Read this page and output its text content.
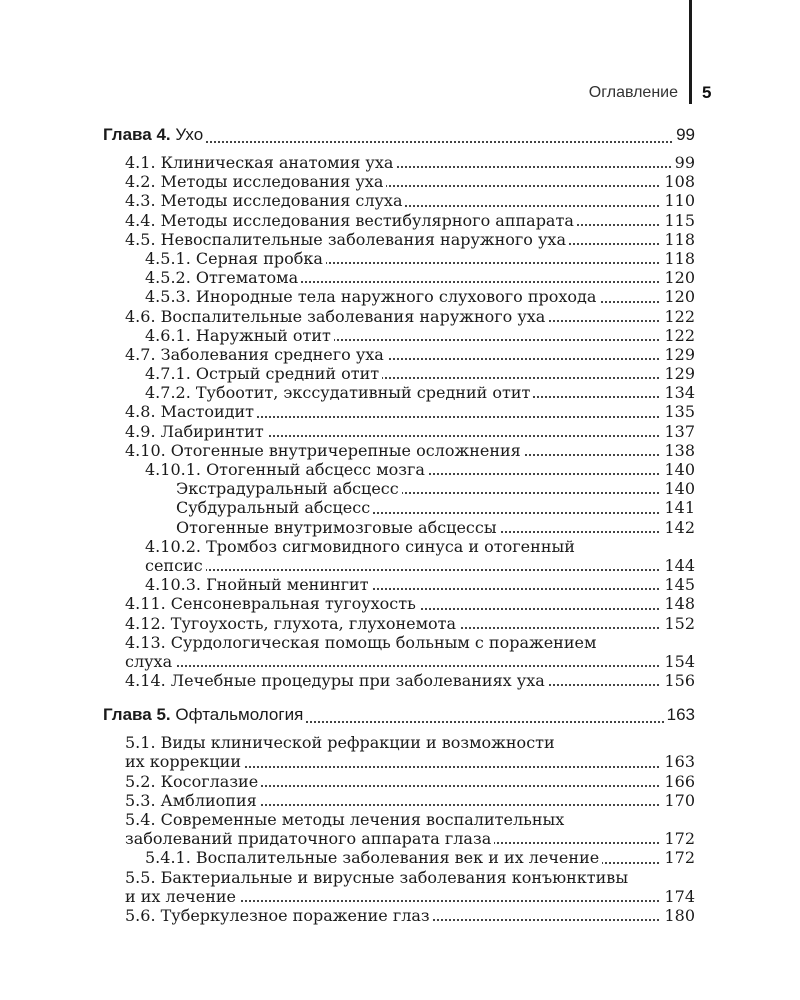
Оглавление 5
Глава 4. Ухо	99
4.1. Клиническая анатомия уха	99
4.2. Методы исследования уха	108
4.3. Методы исследования слуха	110
4.4. Методы исследования вестибулярного аппарата	115
4.5. Невоспалительные заболевания наружного уха	118
4.5.1. Серная пробка	118
4.5.2. Отгематома	120
4.5.3. Инородные тела наружного слухового прохода	120
4.6. Воспалительные заболевания наружного уха	122
4.6.1. Наружный отит	122
4.7. Заболевания среднего уха	129
4.7.1. Острый средний отит	129
4.7.2. Тубоотит, экссудативный средний отит	134
4.8. Мастоидит	135
4.9. Лабиринтит	137
4.10. Отогенные внутричерепные осложнения	138
4.10.1. Отогенный абсцесс мозга	140
Экстрадуральный абсцесс	140
Субдуральный абсцесс	141
Отогенные внутримозговые абсцессы	142
4.10.2. Тромбоз сигмовидного синуса и отогенный
сепсис	144
4.10.3. Гнойный менингит	145
4.11. Сенсоневральная тугоухость	148
4.12. Тугоухость, глухота, глухонемота	152
4.13. Сурдологическая помощь больным с поражением
слуха	154
4.14. Лечебные процедуры при заболеваниях уха	156
Глава 5. Офтальмология	163
5.1. Виды клинической рефракции и возможности
их коррекции	163
5.2. Косоглазие	166
5.3. Амблиопия	170
5.4. Современные методы лечения воспалительных
заболеваний придаточного аппарата глаза	172
5.4.1. Воспалительные заболевания век и их лечение	172
5.5. Бактериальные и вирусные заболевания конъюнктивы
и их лечение	174
5.6. Туберкулезное поражение глаз	180
